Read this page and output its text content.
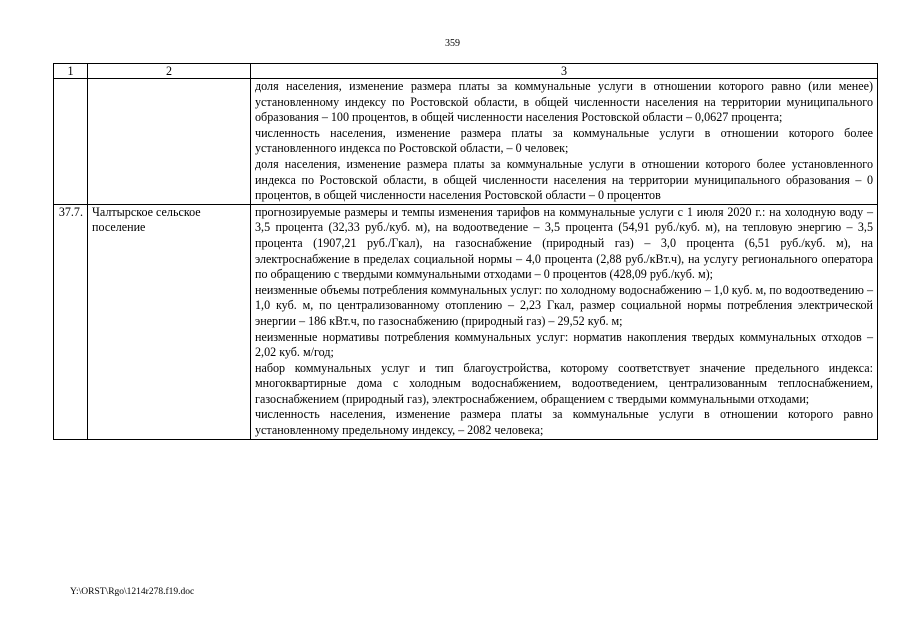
359
1	2	3

		доля населения, изменение размера платы за коммунальные услуги в отношении которого равно (или менее) установленному индексу по Ростовской области, в общей численности населения на территории муниципального образования – 100 процентов, в общей численности населения Ростовской области – 0,0627 процента;
численность населения, изменение размера платы за коммунальные услуги в отношении которого более установленного индекса по Ростовской области, – 0 человек;
доля населения, изменение размера платы за коммунальные услуги в отношении которого более установленного индекса по Ростовской области, в общей численности населения на территории муниципального образования – 0 процентов, в общей численности населения Ростовской области – 0 процентов

37.7.	Чалтырское сельское поселение	прогнозируемые размеры и темпы изменения тарифов на коммунальные услуги с 1 июля 2020 г.: на холодную воду – 3,5 процента (32,33 руб./куб. м), на водоотведение – 3,5 процента (54,91 руб./куб. м), на тепловую энергию – 3,5 процента (1907,21 руб./Гкал), на газоснабжение (природный газ) – 3,0 процента (6,51 руб./куб. м), на электроснабжение в пределах социальной нормы – 4,0 процента (2,88 руб./кВт.ч), на услугу регионального оператора по обращению с твердыми коммунальными отходами – 0 процентов (428,09 руб./куб. м);
неизменные объемы потребления коммунальных услуг: по холодному водоснабжению – 1,0 куб. м, по водоотведению – 1,0 куб. м, по централизованному отоплению – 2,23 Гкал, размер социальной нормы потребления электрической энергии – 186 кВт.ч, по газоснабжению (природный газ) – 29,52 куб. м;
неизменные нормативы потребления коммунальных услуг: норматив накопления твердых коммунальных отходов – 2,02 куб. м/год;
набор коммунальных услуг и тип благоустройства, которому соответствует значение предельного индекса: многоквартирные дома с холодным водоснабжением, водоотведением, централизованным теплоснабжением, газоснабжением (природный газ), электроснабжением, обращением с твердыми коммунальными отходами;
численность населения, изменение размера платы за коммунальные услуги в отношении которого равно установленному предельному индексу, – 2082 человека;
Y:\ORST\Rgo\1214r278.f19.doc
